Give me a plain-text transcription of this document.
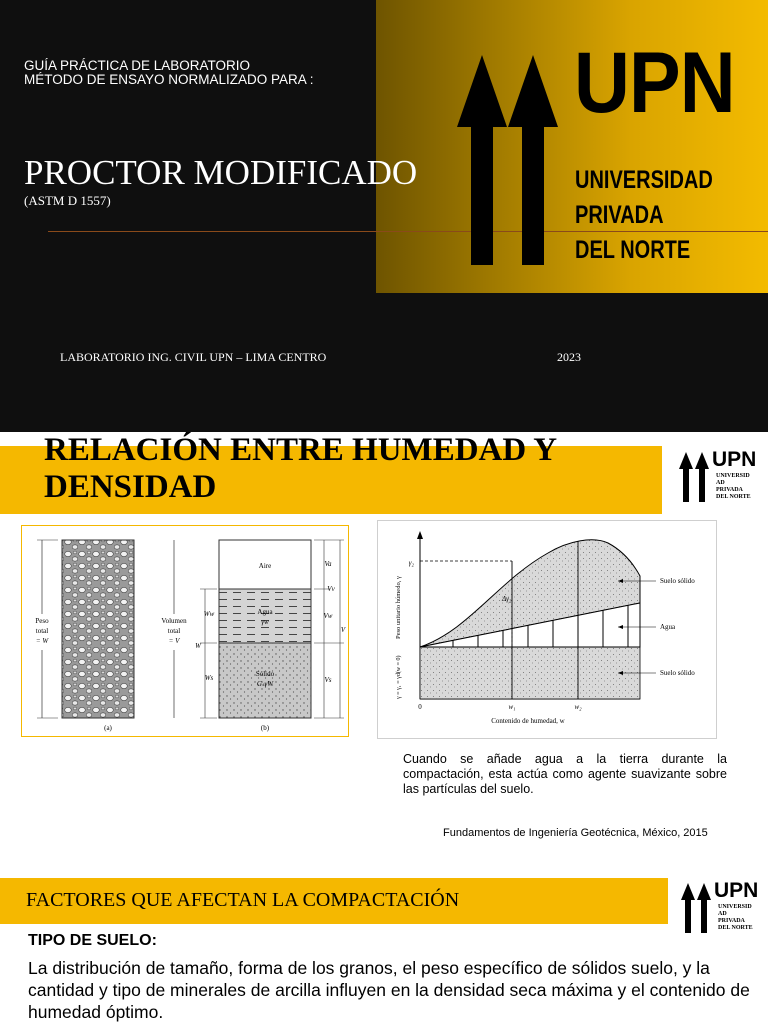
GUÍA PRÁCTICA DE LABORATORIO
MÉTODO DE ENSAYO NORMALIZADO PARA :
PROCTOR MODIFICADO
(ASTM D 1557)
UPN
UNIVERSIDAD
PRIVADA
DEL NORTE
LABORATORIO ING. CIVIL UPN – LIMA CENTRO	2023
RELACIÓN ENTRE HUMEDAD Y
DENSIDAD
UPN
UNIVERSID
AD
PRIVADA
DEL NORTE
Peso
total
= W
Volumen
total
= V
(a)
Aire
Agua
γw
Sólido
GₛγW
Ww
W
Ws
Va
Vv
Vw
V
Vs
(b)
γ₂
Δγ₂
0	w₁	w₂
Contenido de humedad, w
Peso unitario húmedo, γ
γ = γ₁ = γd(w = 0)
Suelo sólido
Agua
Suelo sólido
Cuando se añade agua a la tierra durante la compactación, esta actúa como agente suavizante sobre las partículas del suelo.
Fundamentos de Ingeniería Geotécnica, México, 2015
FACTORES QUE AFECTAN LA COMPACTACIÓN	UPN
UNIVERSID
AD
PRIVADA
DEL NORTE
TIPO DE SUELO:
La distribución de tamaño, forma de los granos, el peso específico de sólidos suelo, y la cantidad y tipo de minerales de arcilla influyen en la densidad seca máxima y el contenido de humedad óptimo.
